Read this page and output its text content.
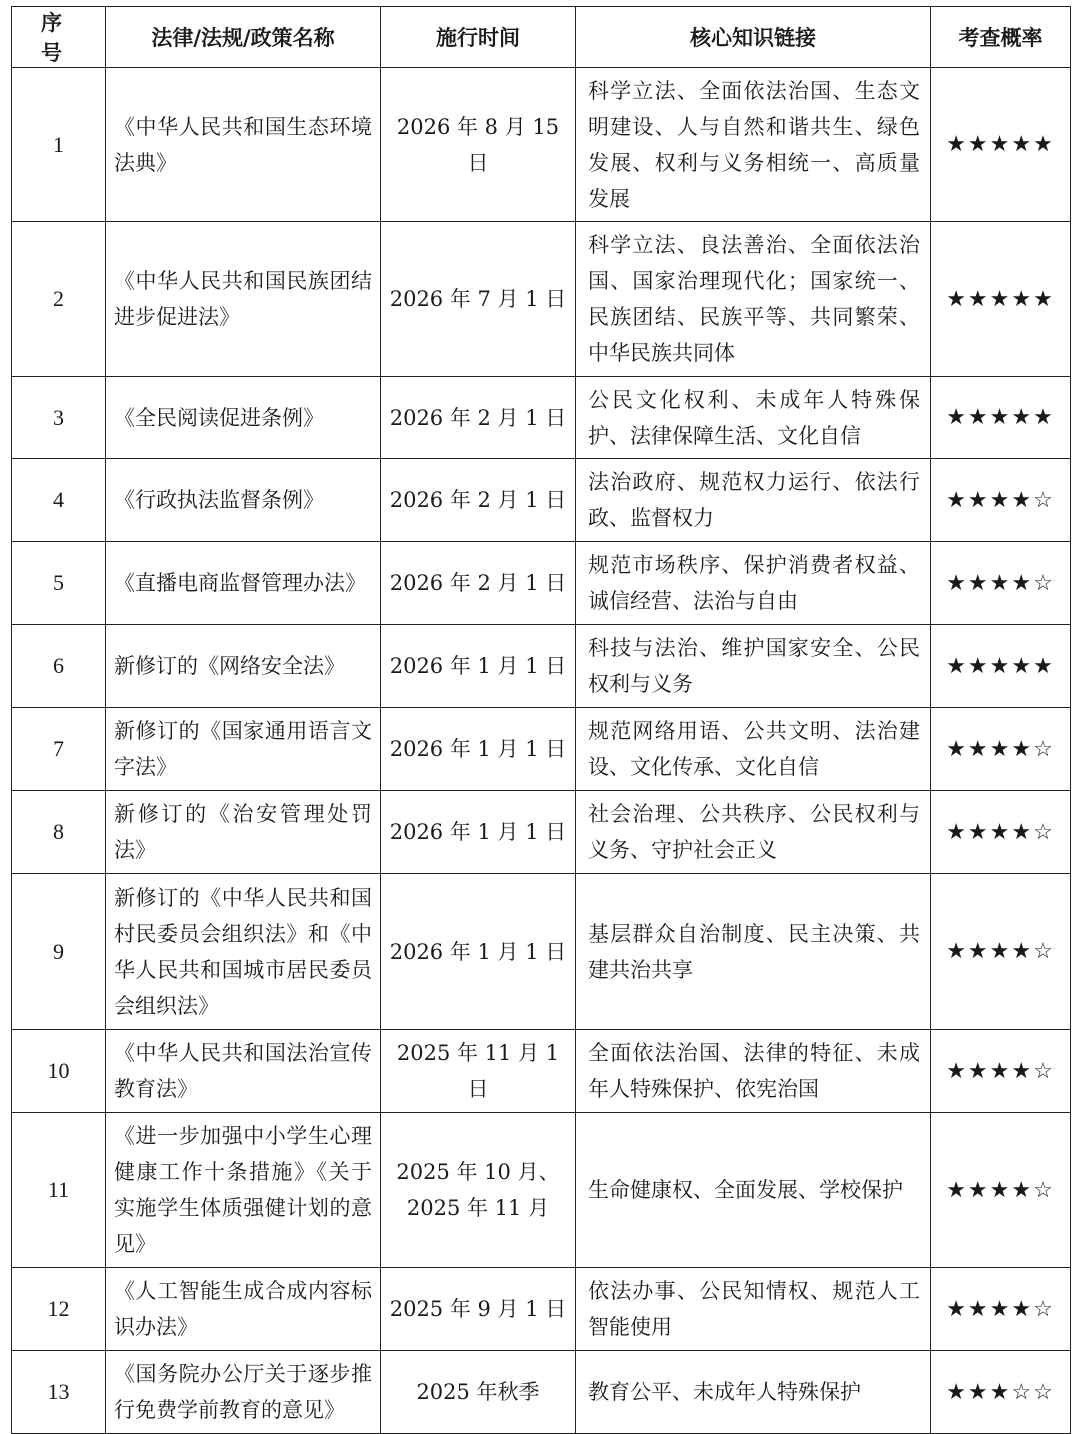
序　号	法律/法规/政策名称	施行时间	核心知识链接	考查概率
1	《中华人民共和国生态环境法典》	2026 年 8 月 15 日	科学立法、全面依法治国、生态文明建设、人与自然和谐共生、绿色发展、权利与义务相统一、高质量发展	★★★★★
2	《中华人民共和国民族团结进步促进法》	2026 年 7 月 1 日	科学立法、良法善治、全面依法治国、国家治理现代化；国家统一、民族团结、民族平等、共同繁荣、中华民族共同体	★★★★★
3	《全民阅读促进条例》	2026 年 2 月 1 日	公民文化权利、未成年人特殊保护、法律保障生活、文化自信	★★★★★
4	《行政执法监督条例》	2026 年 2 月 1 日	法治政府、规范权力运行、依法行政、监督权力	★★★★☆
5	《直播电商监督管理办法》	2026 年 2 月 1 日	规范市场秩序、保护消费者权益、诚信经营、法治与自由	★★★★☆
6	新修订的《网络安全法》	2026 年 1 月 1 日	科技与法治、维护国家安全、公民权利与义务	★★★★★
7	新修订的《国家通用语言文字法》	2026 年 1 月 1 日	规范网络用语、公共文明、法治建设、文化传承、文化自信	★★★★☆
8	新修订的《治安管理处罚法》	2026 年 1 月 1 日	社会治理、公共秩序、公民权利与义务、守护社会正义	★★★★☆
9	新修订的《中华人民共和国村民委员会组织法》和《中华人民共和国城市居民委员会组织法》	2026 年 1 月 1 日	基层群众自治制度、民主决策、共建共治共享	★★★★☆
10	《中华人民共和国法治宣传教育法》	2025 年 11 月 1 日	全面依法治国、法律的特征、未成年人特殊保护、依宪治国	★★★★☆
11	《进一步加强中小学生心理健康工作十条措施》《关于实施学生体质强健计划的意见》	2025 年 10 月、2025 年 11 月	生命健康权、全面发展、学校保护	★★★★☆
12	《人工智能生成合成内容标识办法》	2025 年 9 月 1 日	依法办事、公民知情权、规范人工智能使用	★★★★☆
13	《国务院办公厅关于逐步推行免费学前教育的意见》	2025 年秋季	教育公平、未成年人特殊保护	★★★☆☆
